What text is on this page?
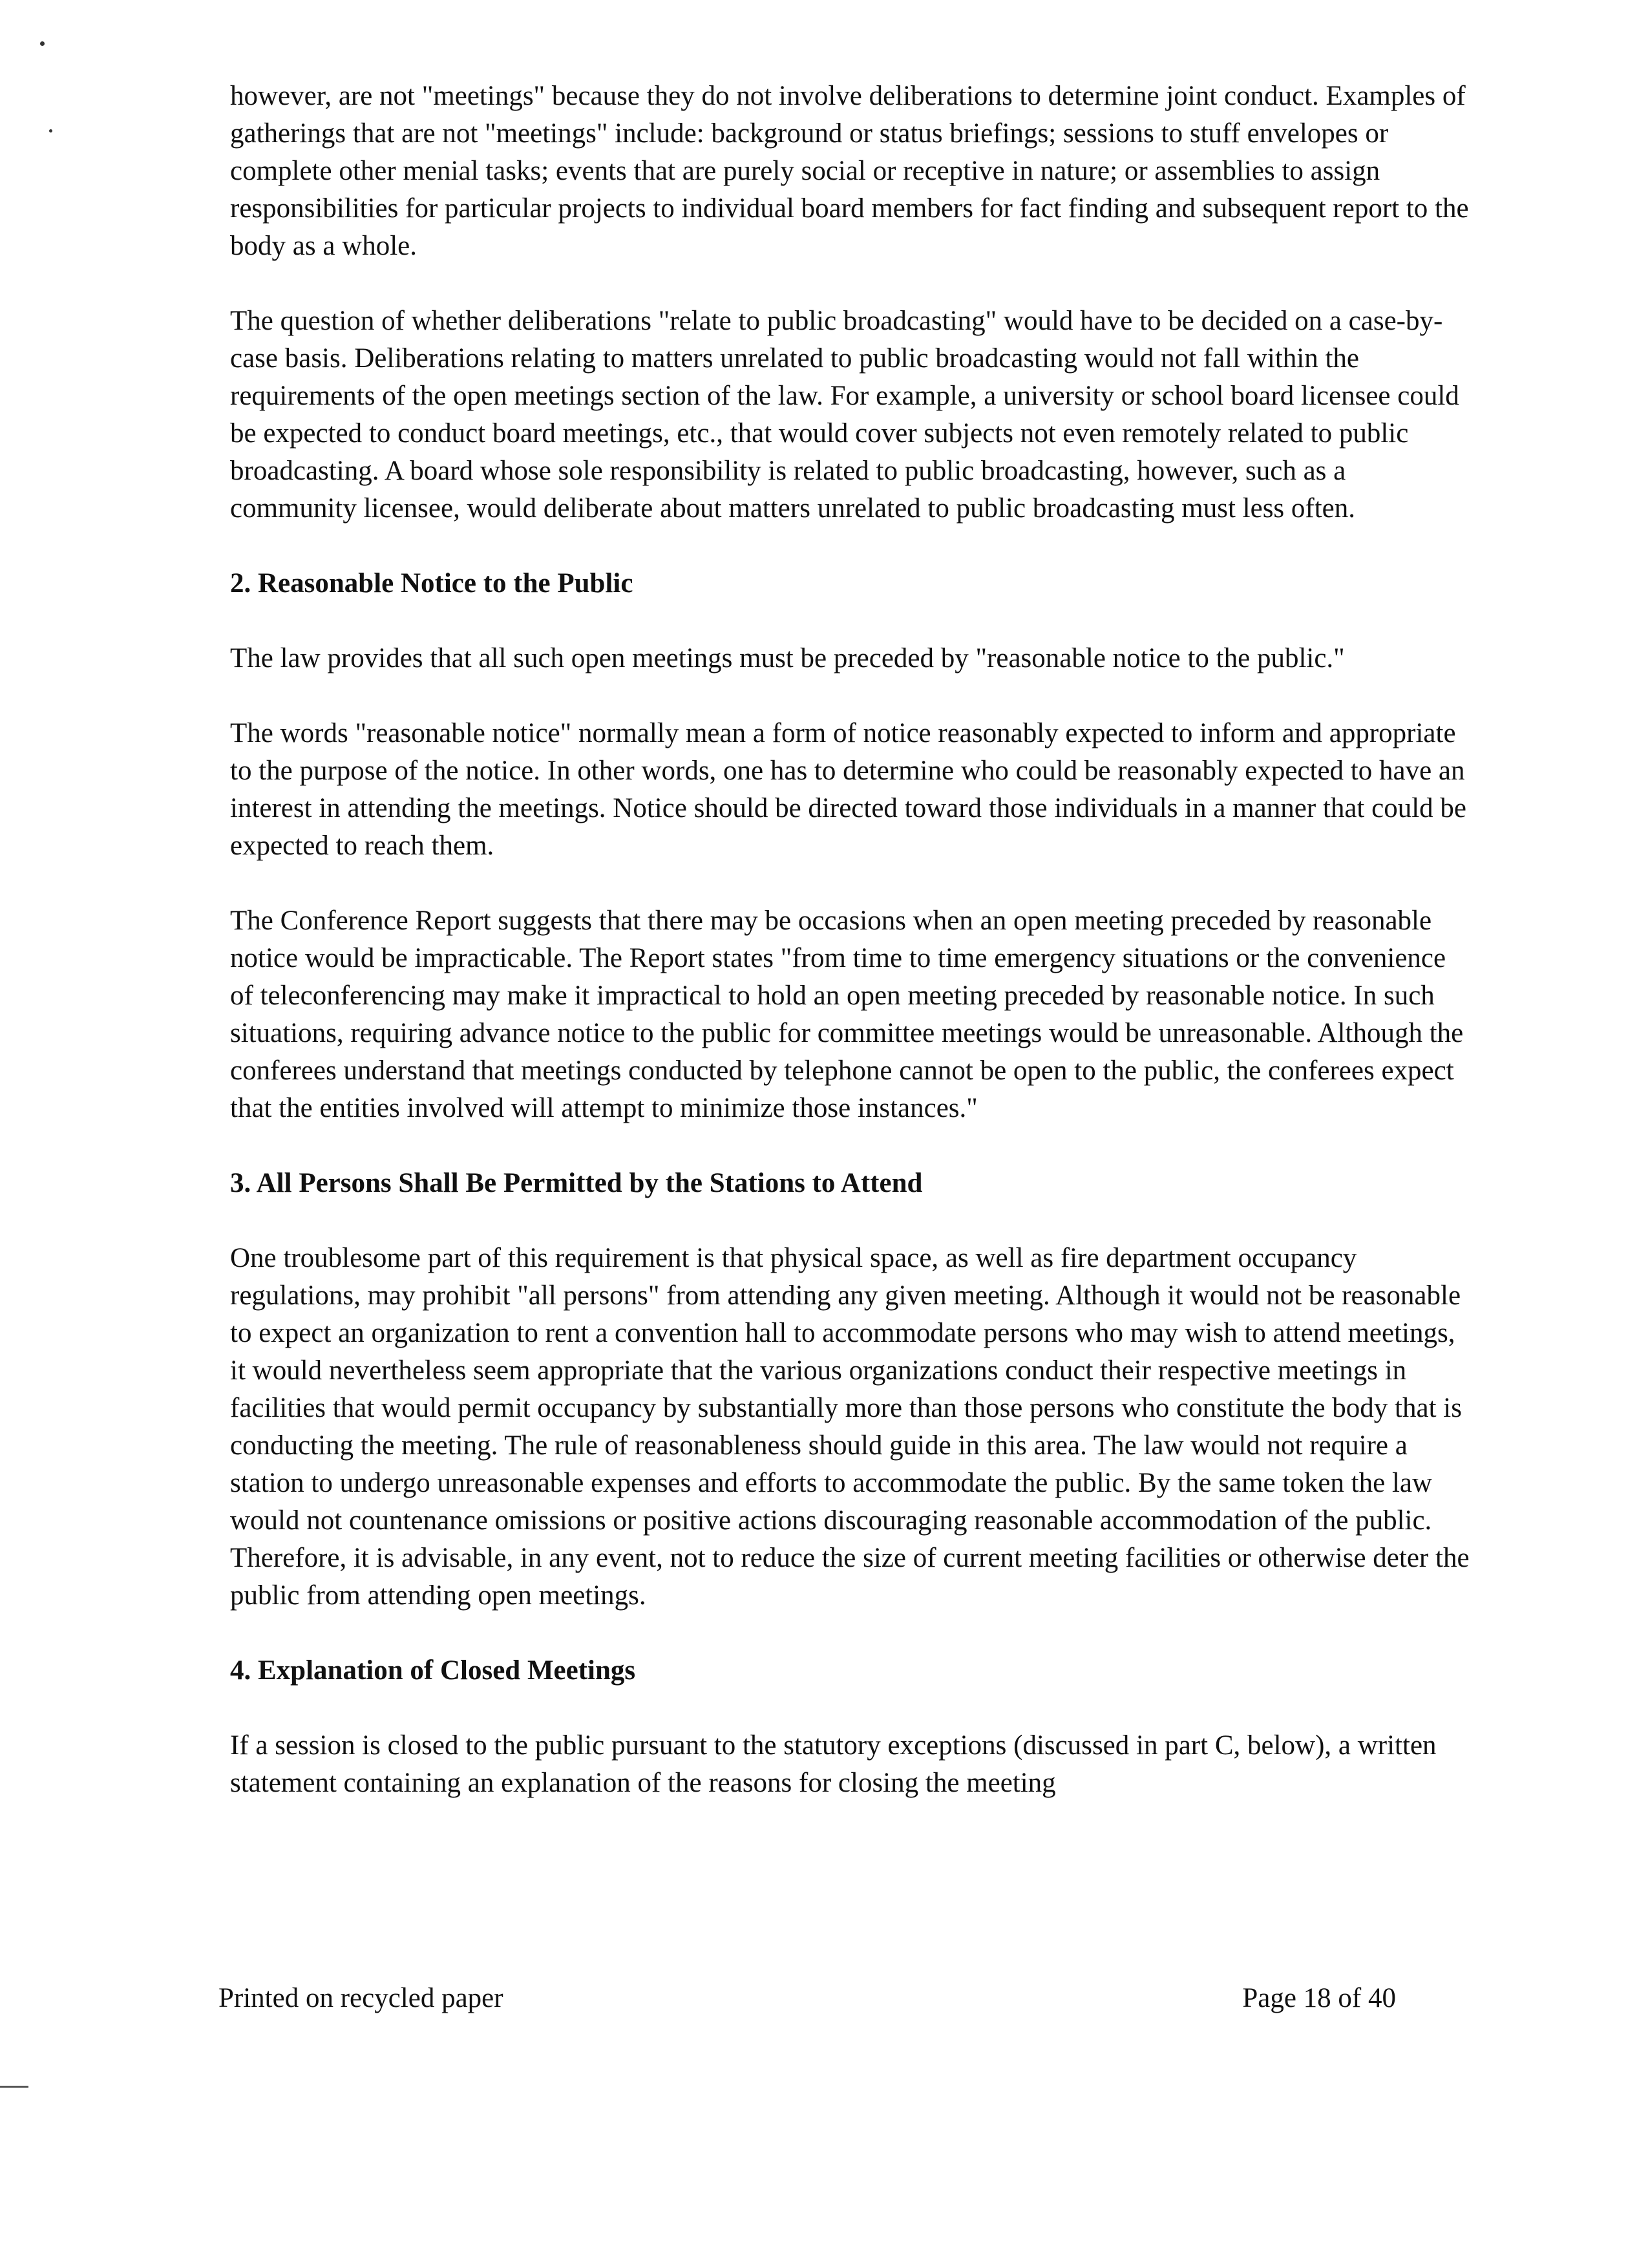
however, are not "meetings" because they do not involve deliberations to determine joint conduct. Examples of gatherings that are not "meetings" include: background or status briefings; sessions to stuff envelopes or complete other menial tasks; events that are purely social or receptive in nature; or assemblies to assign responsibilities for particular projects to individual board members for fact finding and subsequent report to the body as a whole.

The question of whether deliberations "relate to public broadcasting" would have to be decided on a case-by-case basis. Deliberations relating to matters unrelated to public broadcasting would not fall within the requirements of the open meetings section of the law. For example, a university or school board licensee could be expected to conduct board meetings, etc., that would cover subjects not even remotely related to public broadcasting. A board whose sole responsibility is related to public broadcasting, however, such as a community licensee, would deliberate about matters unrelated to public broadcasting must less often.

2. Reasonable Notice to the Public

The law provides that all such open meetings must be preceded by "reasonable notice to the public."

The words "reasonable notice" normally mean a form of notice reasonably expected to inform and appropriate to the purpose of the notice. In other words, one has to determine who could be reasonably expected to have an interest in attending the meetings. Notice should be directed toward those individuals in a manner that could be expected to reach them.

The Conference Report suggests that there may be occasions when an open meeting preceded by reasonable notice would be impracticable. The Report states "from time to time emergency situations or the convenience of teleconferencing may make it impractical to hold an open meeting preceded by reasonable notice. In such situations, requiring advance notice to the public for committee meetings would be unreasonable. Although the conferees understand that meetings conducted by telephone cannot be open to the public, the conferees expect that the entities involved will attempt to minimize those instances."

3. All Persons Shall Be Permitted by the Stations to Attend

One troublesome part of this requirement is that physical space, as well as fire department occupancy regulations, may prohibit "all persons" from attending any given meeting. Although it would not be reasonable to expect an organization to rent a convention hall to accommodate persons who may wish to attend meetings, it would nevertheless seem appropriate that the various organizations conduct their respective meetings in facilities that would permit occupancy by substantially more than those persons who constitute the body that is conducting the meeting. The rule of reasonableness should guide in this area. The law would not require a station to undergo unreasonable expenses and efforts to accommodate the public. By the same token the law would not countenance omissions or positive actions discouraging reasonable accommodation of the public. Therefore, it is advisable, in any event, not to reduce the size of current meeting facilities or otherwise deter the public from attending open meetings.

4. Explanation of Closed Meetings

If a session is closed to the public pursuant to the statutory exceptions (discussed in part C, below), a written statement containing an explanation of the reasons for closing the meeting

Printed on recycled paper	Page 18 of 40
